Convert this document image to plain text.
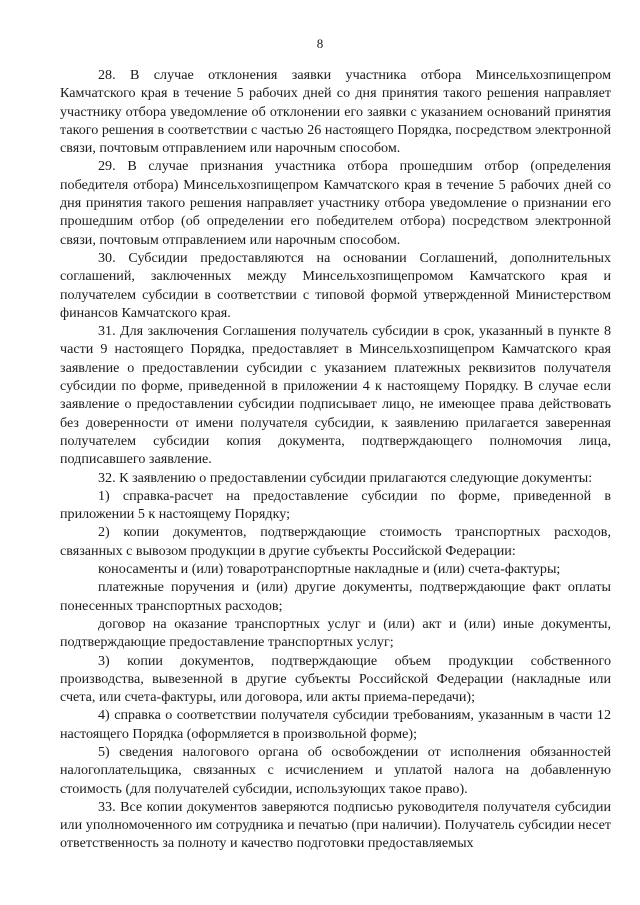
8

28. В случае отклонения заявки участника отбора Минсельхозпищепром Камчатского края в течение 5 рабочих дней со дня принятия такого решения направляет участнику отбора уведомление об отклонении его заявки с указанием оснований принятия такого решения в соответствии с частью 26 настоящего Порядка, посредством электронной связи, почтовым отправлением или нарочным способом.

29. В случае признания участника отбора прошедшим отбор (определения победителя отбора) Минсельхозпищепром Камчатского края в течение 5 рабочих дней со дня принятия такого решения направляет участнику отбора уведомление о признании его прошедшим отбор (об определении его победителем отбора) посредством электронной связи, почтовым отправлением или нарочным способом.

30. Субсидии предоставляются на основании Соглашений, дополнительных соглашений, заключенных между Минсельхозпищепромом Камчатского края и получателем субсидии в соответствии с типовой формой утвержденной Министерством финансов Камчатского края.

31. Для заключения Соглашения получатель субсидии в срок, указанный в пункте 8 части 9 настоящего Порядка, предоставляет в Минсельхозпищепром Камчатского края заявление о предоставлении субсидии с указанием платежных реквизитов получателя субсидии по форме, приведенной в приложении 4 к настоящему Порядку. В случае если заявление о предоставлении субсидии подписывает лицо, не имеющее права действовать без доверенности от имени получателя субсидии, к заявлению прилагается заверенная получателем субсидии копия документа, подтверждающего полномочия лица, подписавшего заявление.

32. К заявлению о предоставлении субсидии прилагаются следующие документы:

1) справка-расчет на предоставление субсидии по форме, приведенной в приложении 5 к настоящему Порядку;

2) копии документов, подтверждающие стоимость транспортных расходов, связанных с вывозом продукции в другие субъекты Российской Федерации:

коносаменты и (или) товаротранспортные накладные и (или) счета-фактуры;

платежные поручения и (или) другие документы, подтверждающие факт оплаты понесенных транспортных расходов;

договор на оказание транспортных услуг и (или) акт и (или) иные документы, подтверждающие предоставление транспортных услуг;

3) копии документов, подтверждающие объем продукции собственного производства, вывезенной в другие субъекты Российской Федерации (накладные или счета, или счета-фактуры, или договора, или акты приема-передачи);

4) справка о соответствии получателя субсидии требованиям, указанным в части 12 настоящего Порядка (оформляется в произвольной форме);

5) сведения налогового органа об освобождении от исполнения обязанностей налогоплательщика, связанных с исчислением и уплатой налога на добавленную стоимость (для получателей субсидии, использующих такое право).

33. Все копии документов заверяются подписью руководителя получателя субсидии или уполномоченного им сотрудника и печатью (при наличии). Получатель субсидии несет ответственность за полноту и качество подготовки предоставляемых
